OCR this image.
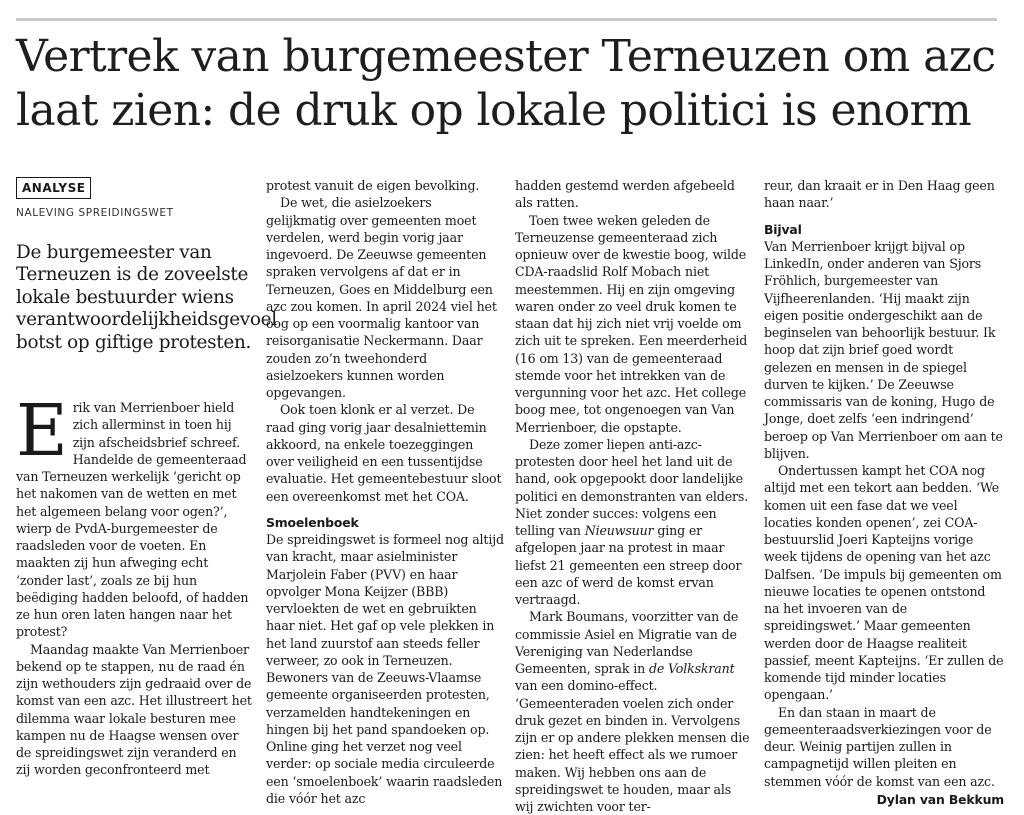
Vertrek van burgemeester Terneuzen om azc laat zien: de druk op lokale politici is enorm
ANALYSE
NALEVING SPREIDINGSWET
De burgemeester van Terneuzen is de zoveelste lokale bestuurder wiens verantwoordelijkheidsgevoel botst op giftige protesten.
E rik van Merrienboer hield zich allerminst in toen hij zijn afscheidsbrief schreef. Handelde de gemeenteraad van Terneuzen werkelijk ‘gericht op het nakomen van de wetten en met het algemeen belang voor ogen?’, wierp de PvdA-burgemeester de raadsleden voor de voeten. En maakten zij hun afweging echt ‘zonder last’, zoals ze bij hun beëdiging hadden beloofd, of hadden ze hun oren laten hangen naar het protest?

Maandag maakte Van Merrienboer bekend op te stappen, nu de raad én zijn wethouders zijn gedraaid over de komst van een azc. Het illustreert het dilemma waar lokale besturen mee kampen nu de Haagse wensen over de spreidingswet zijn veranderd en zij worden geconfronteerd met

protest vanuit de eigen bevolking.

De wet, die asielzoekers gelijkmatig over gemeenten moet verdelen, werd begin vorig jaar ingevoerd. De Zeeuwse gemeenten spraken vervolgens af dat er in Terneuzen, Goes en Middelburg een azc zou komen. In april 2024 viel het oog op een voormalig kantoor van reisorganisatie Neckermann. Daar zouden zo’n tweehonderd asielzoekers kunnen worden opgevangen.

Ook toen klonk er al verzet. De raad ging vorig jaar desalniettemin akkoord, na enkele toezeggingen over veiligheid en een tussentijdse evaluatie. Het gemeentebestuur sloot een overeenkomst met het COA.

Smoelenboek

De spreidingswet is formeel nog altijd van kracht, maar asielminister Marjolein Faber (PVV) en haar opvolger Mona Keijzer (BBB) vervloekten de wet en gebruikten haar niet. Het gaf op vele plekken in het land zuurstof aan steeds feller verweer, zo ook in Terneuzen. Bewoners van de Zeeuws-Vlaamse gemeente organiseerden protesten, verzamelden handtekeningen en hingen bij het pand spandoeken op. Online ging het verzet nog veel verder: op sociale media circuleerde een ‘smoelenboek’ waarin raadsleden die vóór het azc

hadden gestemd werden afgebeeld als ratten.

Toen twee weken geleden de Terneuzense gemeenteraad zich opnieuw over de kwestie boog, wilde CDA-raadslid Rolf Mobach niet meestemmen. Hij en zijn omgeving waren onder zo veel druk komen te staan dat hij zich niet vrij voelde om zich uit te spreken. Een meerderheid (16 om 13) van de gemeenteraad stemde voor het intrekken van de vergunning voor het azc. Het college boog mee, tot ongenoegen van Van Merrienboer, die opstapte.

Deze zomer liepen anti-azc-protesten door heel het land uit de hand, ook opgepookt door landelijke politici en demonstranten van elders. Niet zonder succes: volgens een telling van Nieuwsuur ging er afgelopen jaar na protest in maar liefst 21 gemeenten een streep door een azc of werd de komst ervan vertraagd.

Mark Boumans, voorzitter van de commissie Asiel en Migratie van de Vereniging van Nederlandse Gemeenten, sprak in de Volkskrant van een domino-effect. ‘Gemeenteraden voelen zich onder druk gezet en binden in. Vervolgens zijn er op andere plekken mensen die zien: het heeft effect als we rumoer maken. Wij hebben ons aan de spreidingswet te houden, maar als wij zwichten voor ter-

reur, dan kraait er in Den Haag geen haan naar.’

Bijval

Van Merrienboer krijgt bijval op LinkedIn, onder anderen van Sjors Fröhlich, burgemeester van Vijfheerenlanden. ‘Hij maakt zijn eigen positie ondergeschikt aan de beginselen van behoorlijk bestuur. Ik hoop dat zijn brief goed wordt gelezen en mensen in de spiegel durven te kijken.’ De Zeeuwse commissaris van de koning, Hugo de Jonge, doet zelfs ‘een indringend’ beroep op Van Merrienboer om aan te blijven.

Ondertussen kampt het COA nog altijd met een tekort aan bedden. ‘We komen uit een fase dat we veel locaties konden openen’, zei COA-bestuurslid Joeri Kapteijns vorige week tijdens de opening van het azc Dalfsen. ‘De impuls bij gemeenten om nieuwe locaties te openen ontstond na het invoeren van de spreidingswet.’ Maar gemeenten werden door de Haagse realiteit passief, meent Kapteijns. ‘Er zullen de komende tijd minder locaties opengaan.’

En dan staan in maart de gemeenteraadsverkiezingen voor de deur. Weinig partijen zullen in campagnetijd willen pleiten en stemmen vóór de komst van een azc.

Dylan van Bekkum
